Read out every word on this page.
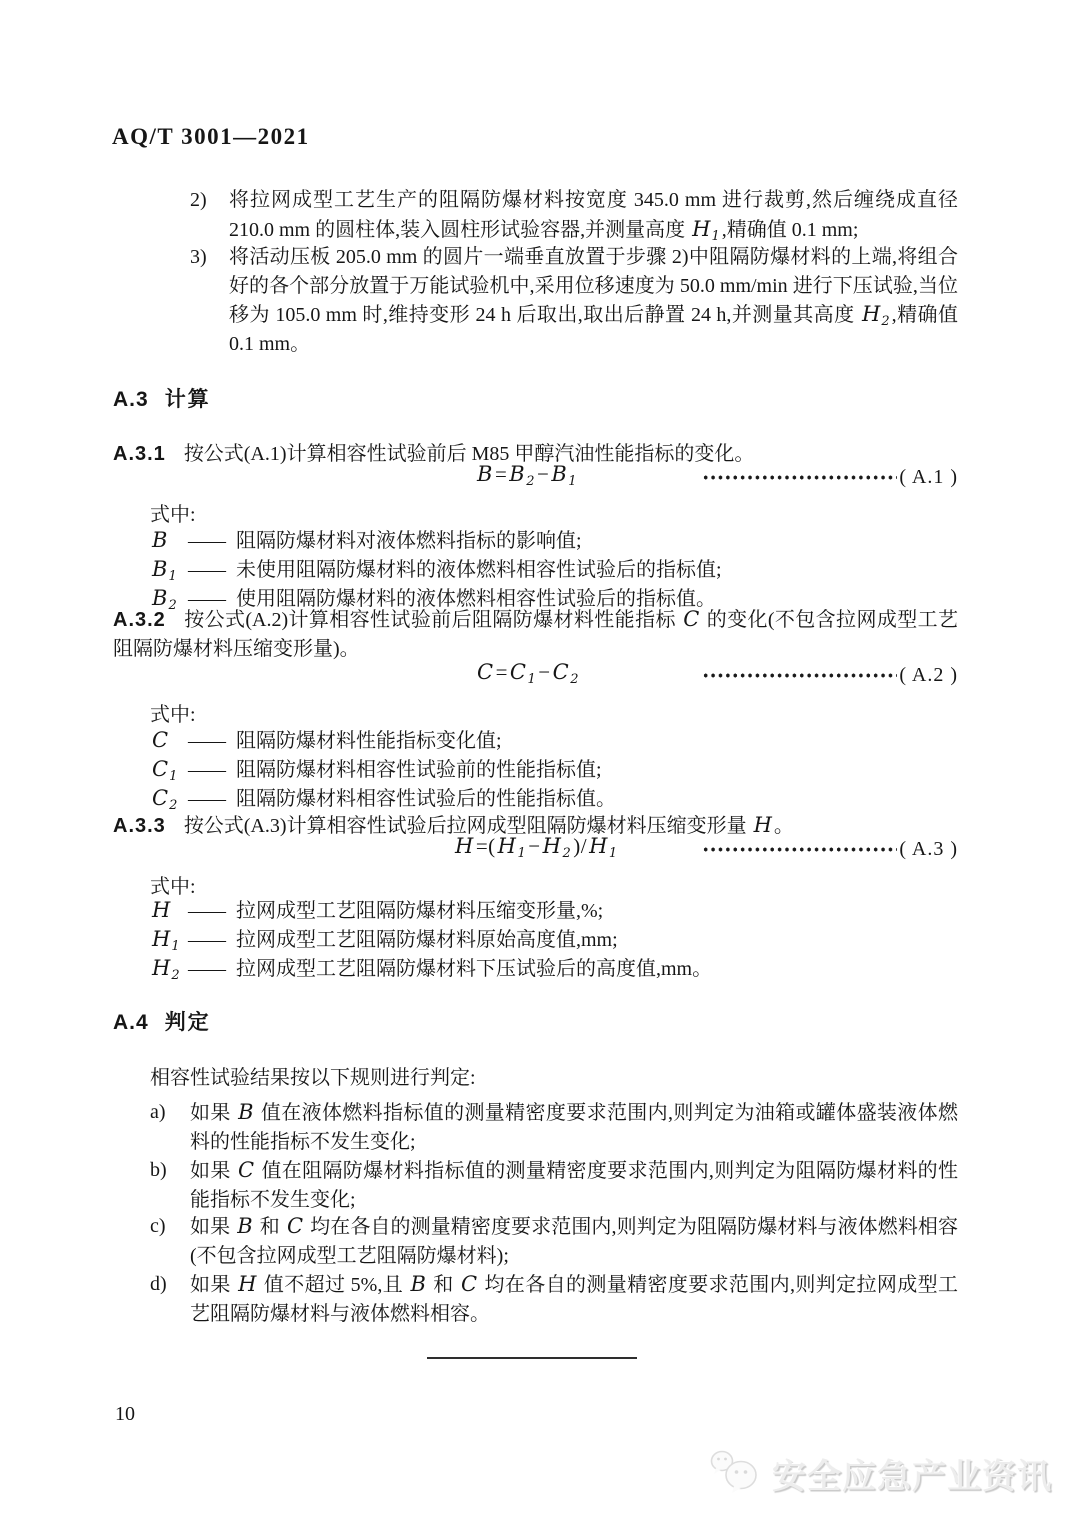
AQ/T 3001—2021
2)	将拉网成型工艺生产的阻隔防爆材料按宽度 345.0 mm 进行裁剪,然后缠绕成直径 210.0 mm 的圆柱体,装入圆柱形试验容器,并测量高度 $H_1$ ,精确值 0.1 mm;
3)	将活动压板 205.0 mm 的圆片一端垂直放置于步骤 2)中阻隔防爆材料的上端,将组合好的各个部分放置于万能试验机中,采用位移速度为 50.0 mm/min 进行下压试验,当位移为 105.0 mm 时,维持变形 24 h 后取出,取出后静置 24 h,并测量其高度 $H_2$ ,精确值 0.1 mm。
A.3 计算
A.3.1 按公式(A.1)计算相容性试验前后 M85 甲醇汽油性能指标的变化。
$B=B_2-B_1$	( A.1 )
式中:
B	—— 阻隔防爆材料对液体燃料指标的影响值;
$B_1$ —— 未使用阻隔防爆材料的液体燃料相容性试验后的指标值;
$B_2$ —— 使用阻隔防爆材料的液体燃料相容性试验后的指标值。
A.3.2 按公式(A.2)计算相容性试验前后阻隔防爆材料性能指标 C 的变化(不包含拉网成型工艺阻隔防爆材料压缩变形量)。
$C=C_1-C_2$	( A.2 )
式中:
C —— 阻隔防爆材料性能指标变化值;
$C_1$ —— 阻隔防爆材料相容性试验前的性能指标值;
$C_2$ —— 阻隔防爆材料相容性试验后的性能指标值。
A.3.3 按公式(A.3)计算相容性试验后拉网成型阻隔防爆材料压缩变形量 H 。
$H=(H_1-H_2)/H_1$	( A.3 )
式中:
H —— 拉网成型工艺阻隔防爆材料压缩变形量,%;
$H_1$ —— 拉网成型工艺阻隔防爆材料原始高度值,mm;
$H_2$ —— 拉网成型工艺阻隔防爆材料下压试验后的高度值,mm。
A.4 判定
相容性试验结果按以下规则进行判定:
a)	如果 B 值在液体燃料指标值的测量精密度要求范围内,则判定为油箱或罐体盛装液体燃料的性能指标不发生变化;
b)	如果 C 值在阻隔防爆材料指标值的测量精密度要求范围内,则判定为阻隔防爆材料的性能指标不发生变化;
c)	如果 B 和 C 均在各自的测量精密度要求范围内,则判定为阻隔防爆材料与液体燃料相容(不包含拉网成型工艺阻隔防爆材料);
d)	如果 H 值不超过 5%,且 B 和 C 均在各自的测量精密度要求范围内,则判定拉网成型工艺阻隔防爆材料与液体燃料相容。
10
安全应急产业资讯
